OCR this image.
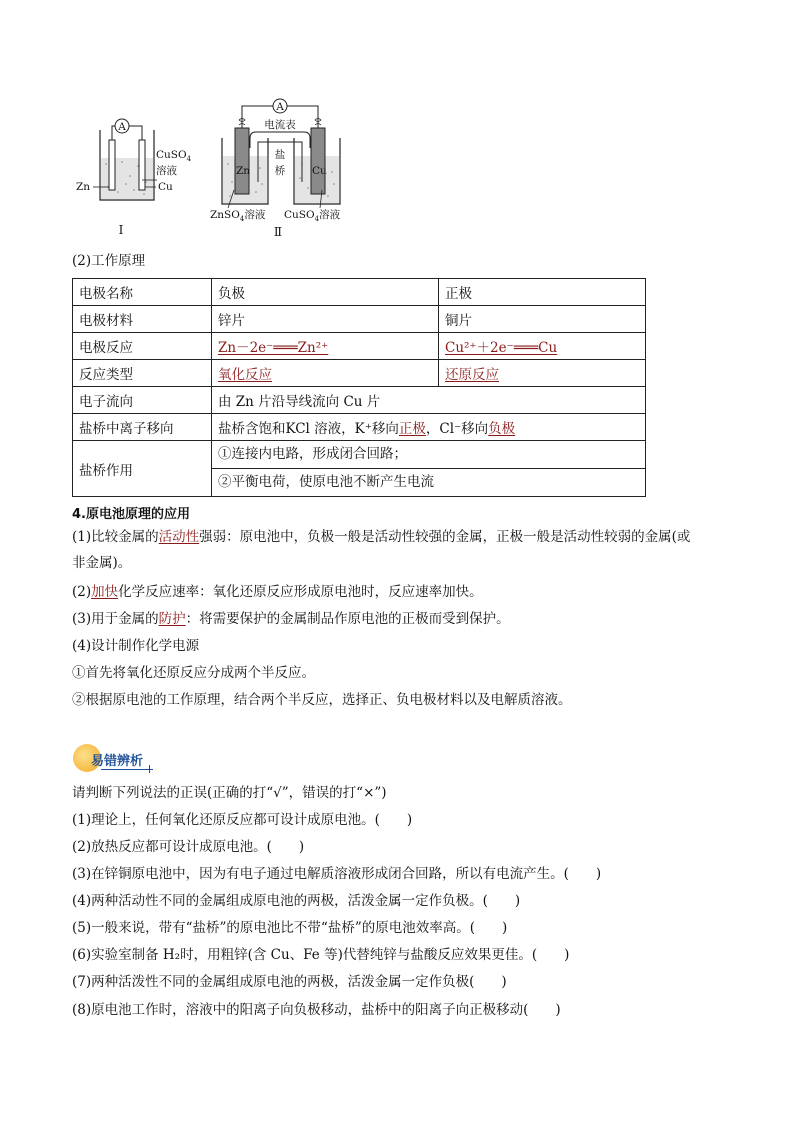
A
CuSO$_4$
溶液
Cu
Zn
Ⅰ
A
电流表
Zn	Cu
盐
桥
ZnSO$_4$溶液 CuSO$_4$溶液
Ⅱ
(2)工作原理
电极名称	负极	正极
电极材料	锌片	铜片
电极反应	Zn－2e⁻═══Zn²⁺	Cu²⁺＋2e⁻═══Cu
反应类型	氧化反应	还原反应
电子流向	由 Zn 片沿导线流向 Cu 片	
盐桥中离子移向	盐桥含饱和KCl 溶液，K⁺移向正极，Cl⁻移向负极	
盐桥作用	①连接内电路，形成闭合回路；
②平衡电荷，使原电池不断产生电流	
4.原电池原理的应用
(1)比较金属的活动性强弱：原电池中，负极一般是活动性较强的金属，正极一般是活动性较弱的金属(或
非金属)。
(2)加快化学反应速率：氧化还原反应形成原电池时，反应速率加快。
(3)用于金属的防护：将需要保护的金属制品作原电池的正极而受到保护。
(4)设计制作化学电源
①首先将氧化还原反应分成两个半反应。
②根据原电池的工作原理，结合两个半反应，选择正、负电极材料以及电解质溶液。
易错辨析
请判断下列说法的正误(正确的打“√”，错误的打“×”)
(1)理论上，任何氧化还原反应都可设计成原电池。(　　)
(2)放热反应都可设计成原电池。(　　)
(3)在锌铜原电池中，因为有电子通过电解质溶液形成闭合回路，所以有电流产生。(　　)
(4)两种活动性不同的金属组成原电池的两极，活泼金属一定作负极。(　　)
(5)一般来说，带有“盐桥”的原电池比不带“盐桥”的原电池效率高。(　　)
(6)实验室制备 H₂时，用粗锌(含 Cu、Fe 等)代替纯锌与盐酸反应效果更佳。(　　)
(7)两种活泼性不同的金属组成原电池的两极，活泼金属一定作负极(　　)
(8)原电池工作时，溶液中的阳离子向负极移动，盐桥中的阳离子向正极移动(　　)
